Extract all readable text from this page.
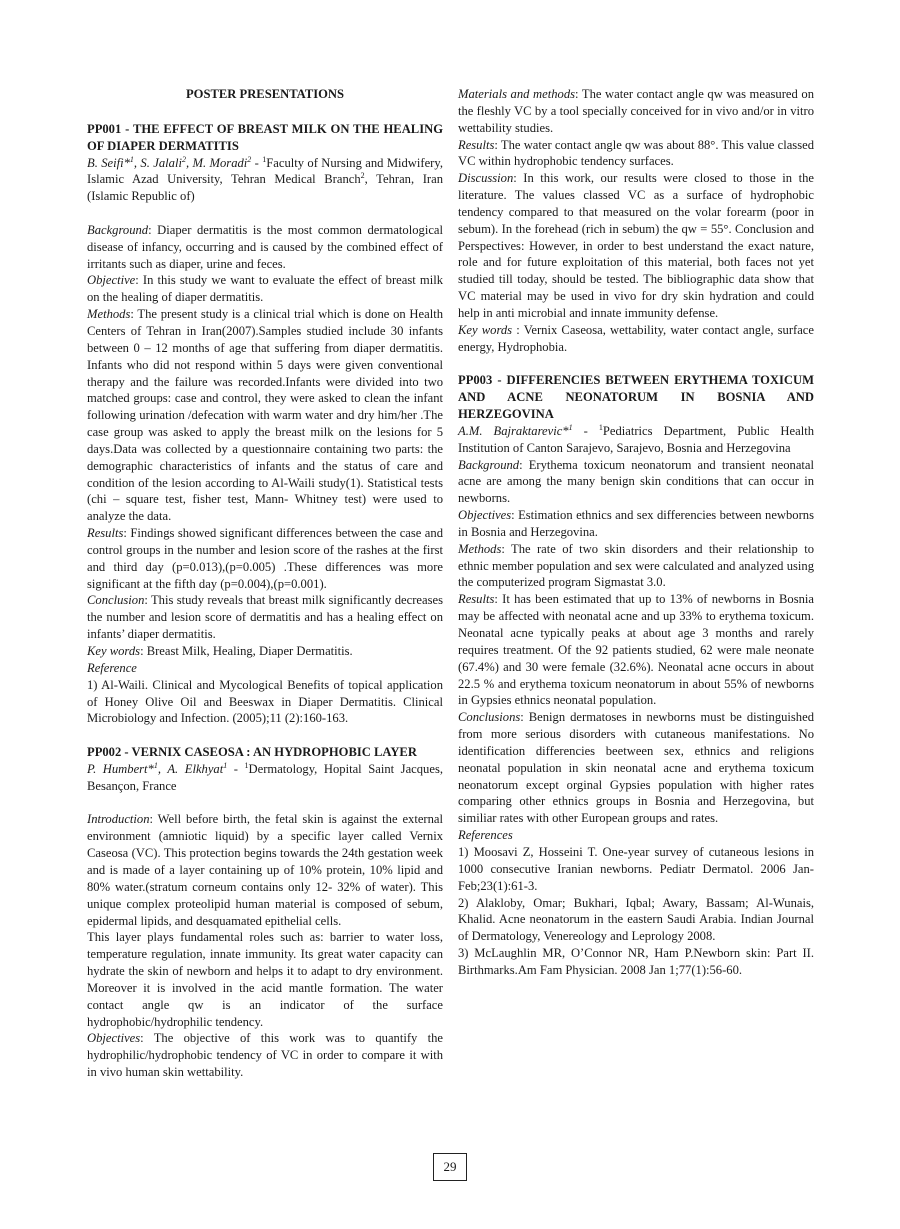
POSTER PRESENTATIONS

PP001 - THE EFFECT OF BREAST MILK ON THE HEALING OF DIAPER DERMATITIS

B. Seifi*$^1$, S. Jalali$^2$, M. Moradi$^2$ - $^1$Faculty of Nursing and Midwifery, Islamic Azad University, Tehran Medical Branch$^2$, Tehran, Iran (Islamic Republic of)

Background: Diaper dermatitis is the most common dermatological disease of infancy, occurring and is caused by the combined effect of irritants such as diaper, urine and feces.

Objective: In this study we want to evaluate the effect of breast milk on the healing of diaper dermatitis.

Methods: The present study is a clinical trial which is done on Health Centers of Tehran in Iran(2007).Samples studied include 30 infants between 0 – 12 months of age that suffering from diaper dermatitis. Infants who did not respond within 5 days were given conventional therapy and the failure was recorded.Infants were divided into two matched groups: case and control, they were asked to clean the infant following urination /defecation with warm water and dry him/her .The case group was asked to apply the breast milk on the lesions for 5 days.Data was collected by a questionnaire containing two parts: the demographic characteristics of infants and the status of care and condition of the lesion according to Al-Waili study(1). Statistical tests (chi – square test, fisher test, Mann- Whitney test) were used to analyze the data.

Results: Findings showed significant differences between the case and control groups in the number and lesion score of the rashes at the first and third day (p=0.013),(p=0.005) .These differences was more significant at the fifth day (p=0.004),(p=0.001).

Conclusion: This study reveals that breast milk significantly decreases the number and lesion score of dermatitis and has a healing effect on infants’ diaper dermatitis.

Key words: Breast Milk, Healing, Diaper Dermatitis.

Reference

1) Al-Waili. Clinical and Mycological Benefits of topical application of Honey Olive Oil and Beeswax in Diaper Dermatitis. Clinical Microbiology and Infection. (2005);11 (2):160-163.

PP002 - VERNIX CASEOSA : AN HYDROPHOBIC LAYER

P. Humbert*$^1$, A. Elkhyat$^1$ - $^1$Dermatology, Hopital Saint Jacques, Besançon, France

Introduction: Well before birth, the fetal skin is against the external environment (amniotic liquid) by a specific layer called Vernix Caseosa (VC). This protection begins towards the 24th gestation week and is made of a layer containing up of 10% protein, 10% lipid and 80% water.(stratum corneum contains only 12- 32% of water). This unique complex proteolipid human material is composed of sebum, epidermal lipids, and desquamated epithelial cells.

This layer plays fundamental roles such as: barrier to water loss, temperature regulation, innate immunity. Its great water capacity can hydrate the skin of newborn and helps it to adapt to dry environment. Moreover it is involved in the acid mantle formation. The water contact angle qw is an indicator of the surface hydrophobic/hydrophilic tendency.

Objectives: The objective of this work was to quantify the hydrophilic/hydrophobic tendency of VC in order to compare it with in vivo human skin wettability.

Materials and methods: The water contact angle qw was measured on the fleshly VC by a tool specially conceived for in vivo and/or in vitro wettability studies.

Results: The water contact angle qw was about 88°. This value classed VC within hydrophobic tendency surfaces.

Discussion: In this work, our results were closed to those in the literature. The values classed VC as a surface of hydrophobic tendency compared to that measured on the volar forearm (poor in sebum). In the forehead (rich in sebum) the qw = 55°. Conclusion and Perspectives: However, in order to best understand the exact nature, role and for future exploitation of this material, both faces not yet studied till today, should be tested. The bibliographic data show that VC material may be used in vivo for dry skin hydration and could help in anti microbial and innate immunity defense.

Key words : Vernix Caseosa, wettability, water contact angle, surface energy, Hydrophobia.

PP003 - DIFFERENCIES BETWEEN ERYTHEMA TOXICUM AND ACNE NEONATORUM IN BOSNIA AND HERZEGOVINA

A.M. Bajraktarevic*$^1$ - $^1$Pediatrics Department, Public Health Institution of Canton Sarajevo, Sarajevo, Bosnia and Herzegovina

Background: Erythema toxicum neonatorum and transient neonatal acne are among the many benign skin conditions that can occur in newborns.

Objectives: Estimation ethnics and sex differencies between newborns in Bosnia and Herzegovina.

Methods: The rate of two skin disorders and their relationship to ethnic member population and sex were calculated and analyzed using the computerized program Sigmastat 3.0.

Results: It has been estimated that up to 13% of newborns in Bosnia may be affected with neonatal acne and up 33% to erythema toxicum. Neonatal acne typically peaks at about age 3 months and rarely requires treatment. Of the 92 patients studied, 62 were male neonate (67.4%) and 30 were female (32.6%). Neonatal acne occurs in about 22.5 % and erythema toxicum neonatorum in about 55% of newborns in Gypsies ethnics neonatal population.

Conclusions: Benign dermatoses in newborns must be distinguished from more serious disorders with cutaneous manifestations. No identification differencies beetween sex, ethnics and religions neonatal population in skin neonatal acne and erythema toxicum neonatorum except orginal Gypsies population with higher rates comparing other ethnics groups in Bosnia and Herzegovina, but similiar rates with other European groups and rates.

References

1) Moosavi Z, Hosseini T. One-year survey of cutaneous lesions in 1000 consecutive Iranian newborns. Pediatr Dermatol. 2006 Jan-Feb;23(1):61-3.

2) Alakloby, Omar; Bukhari, Iqbal; Awary, Bassam; Al-Wunais, Khalid. Acne neonatorum in the eastern Saudi Arabia. Indian Journal of Dermatology, Venereology and Leprology 2008.

3) McLaughlin MR, O’Connor NR, Ham P.Newborn skin: Part II. Birthmarks.Am Fam Physician. 2008 Jan 1;77(1):56-60.

29
